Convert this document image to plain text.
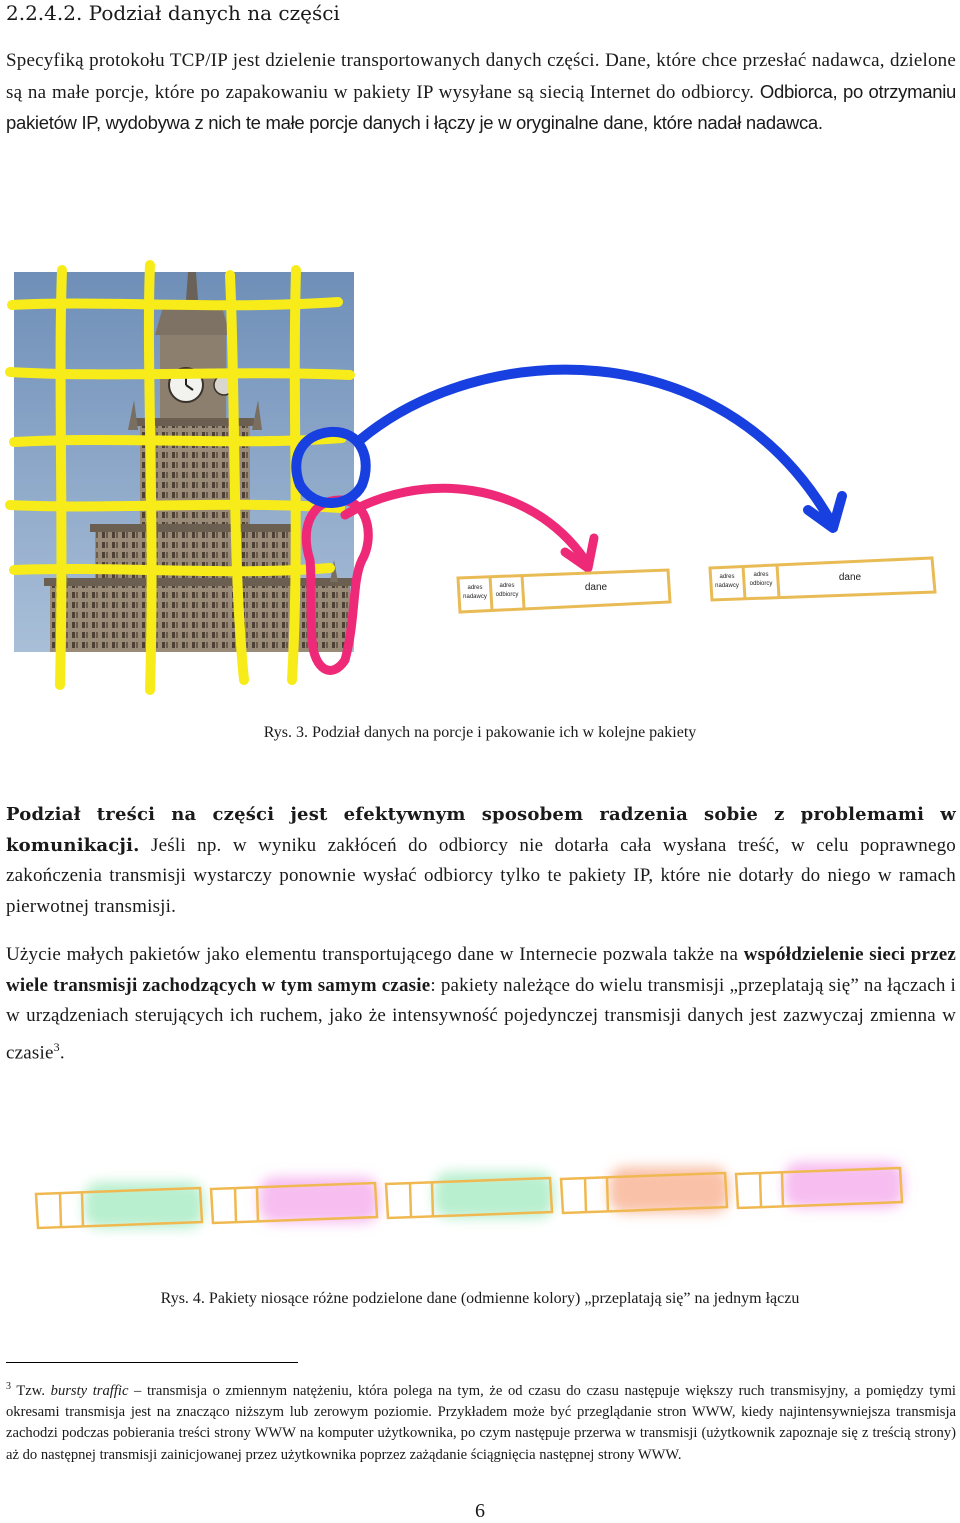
2.2.4.2. Podział danych na części

Specyfiką protokołu TCP/IP jest dzielenie transportowanych danych części. Dane, które chce przesłać nadawca, dzielone są na małe porcje, które po zapakowaniu w pakiety IP wysyłane są siecią Internet do odbiorcy. Odbiorca, po otrzymaniu pakietów IP, wydobywa z nich te małe porcje danych i łączy je w oryginalne dane, które nadał nadawca.

adres
nadawcy
adres
odbiorcy
dane
adres
nadawcy
adres
odbiorcy
dane
Rys. 3. Podział danych na porcje i pakowanie ich w kolejne pakiety

Podział treści na części jest efektywnym sposobem radzenia sobie z problemami w komunikacji. Jeśli np. w wyniku zakłóceń do odbiorcy nie dotarła cała wysłana treść, w celu poprawnego zakończenia transmisji wystarczy ponownie wysłać odbiorcy tylko te pakiety IP, które nie dotarły do niego w ramach pierwotnej transmisji.

Użycie małych pakietów jako elementu transportującego dane w Internecie pozwala także na współdzielenie sieci przez wiele transmisji zachodzących w tym samym czasie: pakiety należące do wielu transmisji „przeplatają się” na łączach i w urządzeniach sterujących ich ruchem, jako że intensywność pojedynczej transmisji danych jest zazwyczaj zmienna w czasie$^3$.

Rys. 4. Pakiety niosące różne podzielone dane (odmienne kolory) „przeplatają się” na jednym łączu

$^3$ Tzw. bursty traffic – transmisja o zmiennym natężeniu, która polega na tym, że od czasu do czasu następuje większy ruch transmisyjny, a pomiędzy tymi okresami transmisja jest na znacząco niższym lub zerowym poziomie. Przykładem może być przeglądanie stron WWW, kiedy najintensywniejsza transmisja zachodzi podczas pobierania treści strony WWW na komputer użytkownika, po czym następuje przerwa w transmisji (użytkownik zapoznaje się z treścią strony) aż do następnej transmisji zainicjowanej przez użytkownika poprzez zażądanie ściągnięcia następnej strony WWW.

6
